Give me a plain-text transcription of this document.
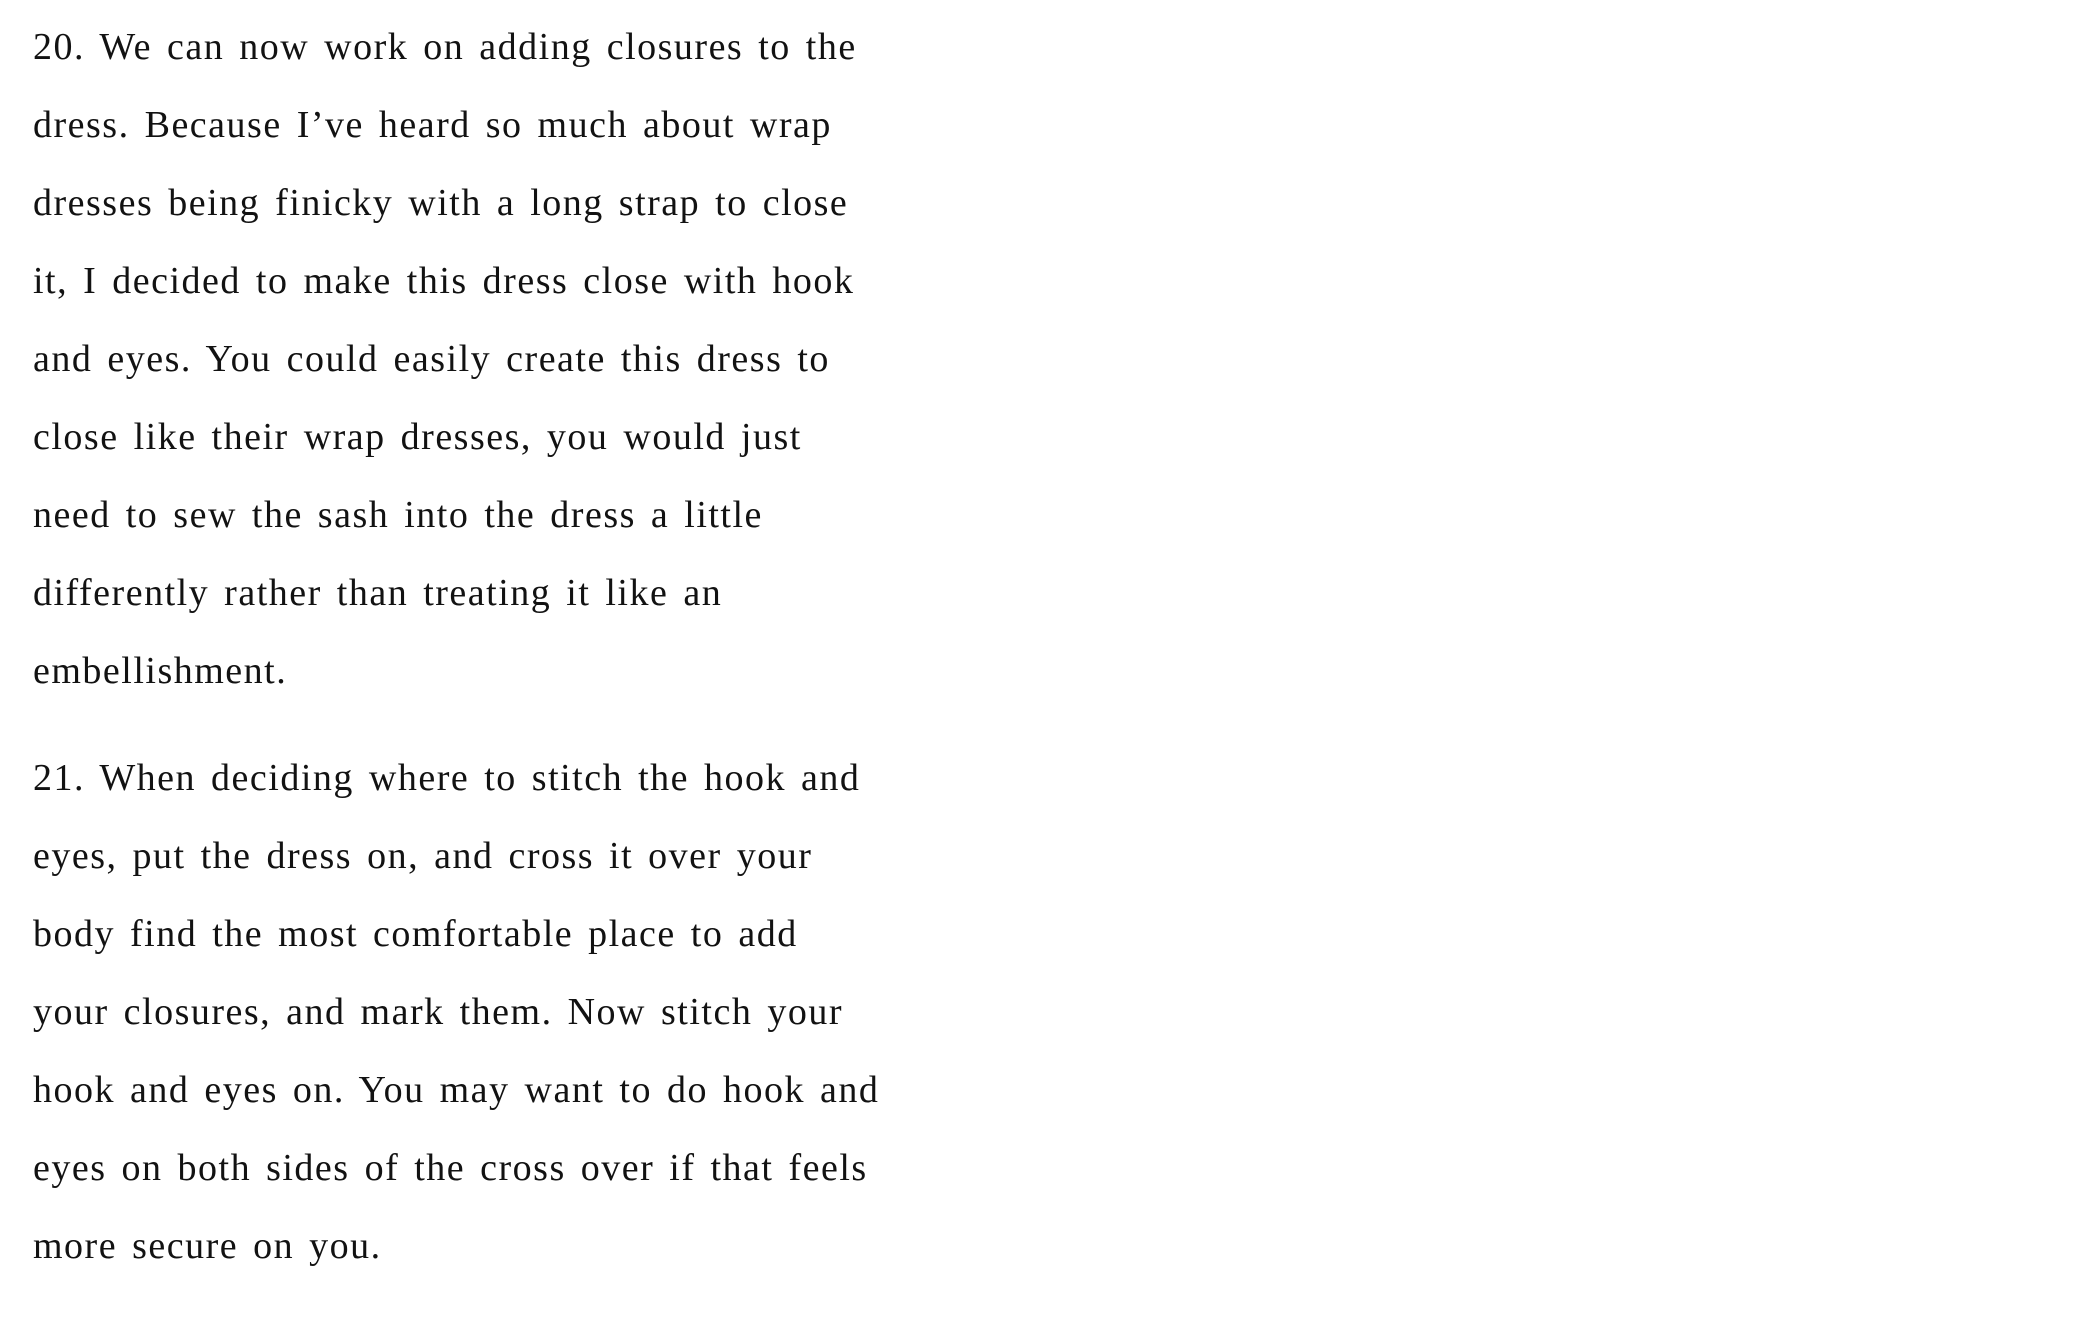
20. We can now work on adding closures to the
dress. Because I’ve heard so much about wrap
dresses being finicky with a long strap to close
it, I decided to make this dress close with hook
and eyes. You could easily create this dress to
close like their wrap dresses, you would just
need to sew the sash into the dress a little
differently rather than treating it like an
embellishment.
21. When deciding where to stitch the hook and
eyes, put the dress on, and cross it over your
body find the most comfortable place to add
your closures, and mark them. Now stitch your
hook and eyes on. You may want to do hook and
eyes on both sides of the cross over if that feels
more secure on you.
